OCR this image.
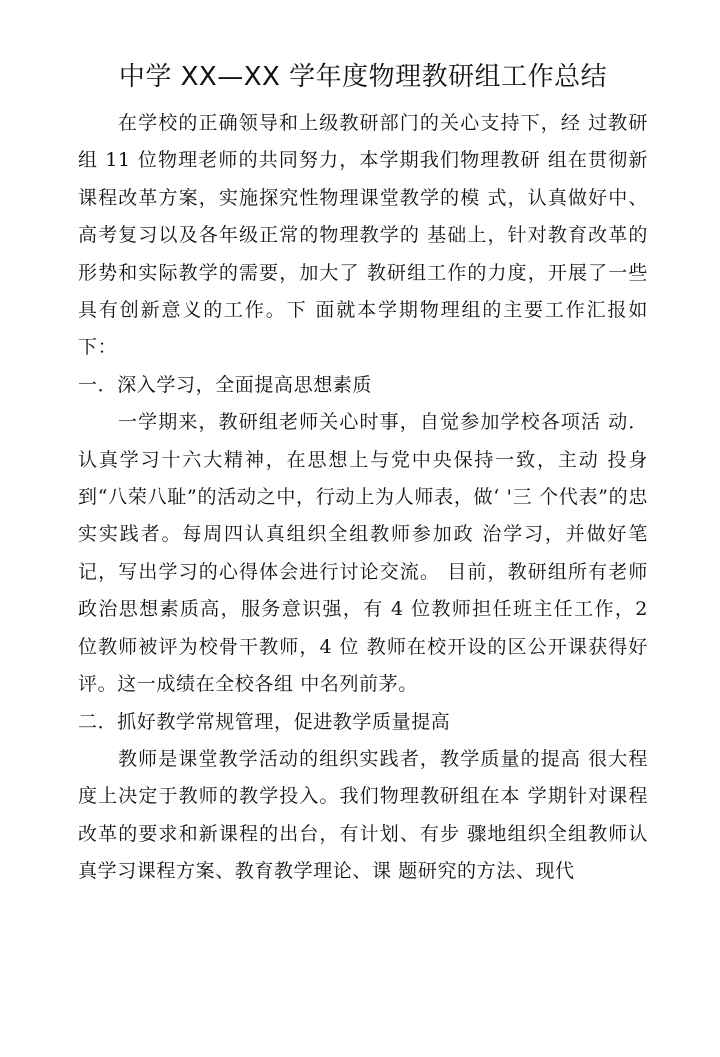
中学 XX—XX 学年度物理教研组工作总结

在学校的正确领导和上级教研部门的关心支持下，经 过教研组 11 位物理老师的共同努力，本学期我们物理教研 组在贯彻新课程改革方案，实施探究性物理课堂教学的模 式，认真做好中、高考复习以及各年级正常的物理教学的 基础上，针对教育改革的形势和实际教学的需要，加大了 教研组工作的力度，开展了一些具有创新意义的工作。下 面就本学期物理组的主要工作汇报如下：

一．深入学习，全面提高思想素质

一学期来，教研组老师关心时事，自觉参加学校各项活 动．认真学习十六大精神，在思想上与党中央保持一致，主动 投身到“八荣八耻”的活动之中，行动上为人师表，做‘ '三 个代表”的忠实实践者。每周四认真组织全组教师参加政 治学习，并做好笔记，写出学习的心得体会进行讨论交流。 目前，教研组所有老师政治思想素质高，服务意识强，有 4 位教师担任班主任工作，2 位教师被评为校骨干教师，4 位 教师在校开设的区公开课获得好评。这一成绩在全校各组 中名列前茅。

二．抓好教学常规管理，促进教学质量提高

教师是课堂教学活动的组织实践者，教学质量的提高 很大程度上决定于教师的教学投入。我们物理教研组在本 学期针对课程改革的要求和新课程的出台，有计划、有步 骤地组织全组教师认真学习课程方案、教育教学理论、课 题研究的方法、现代
